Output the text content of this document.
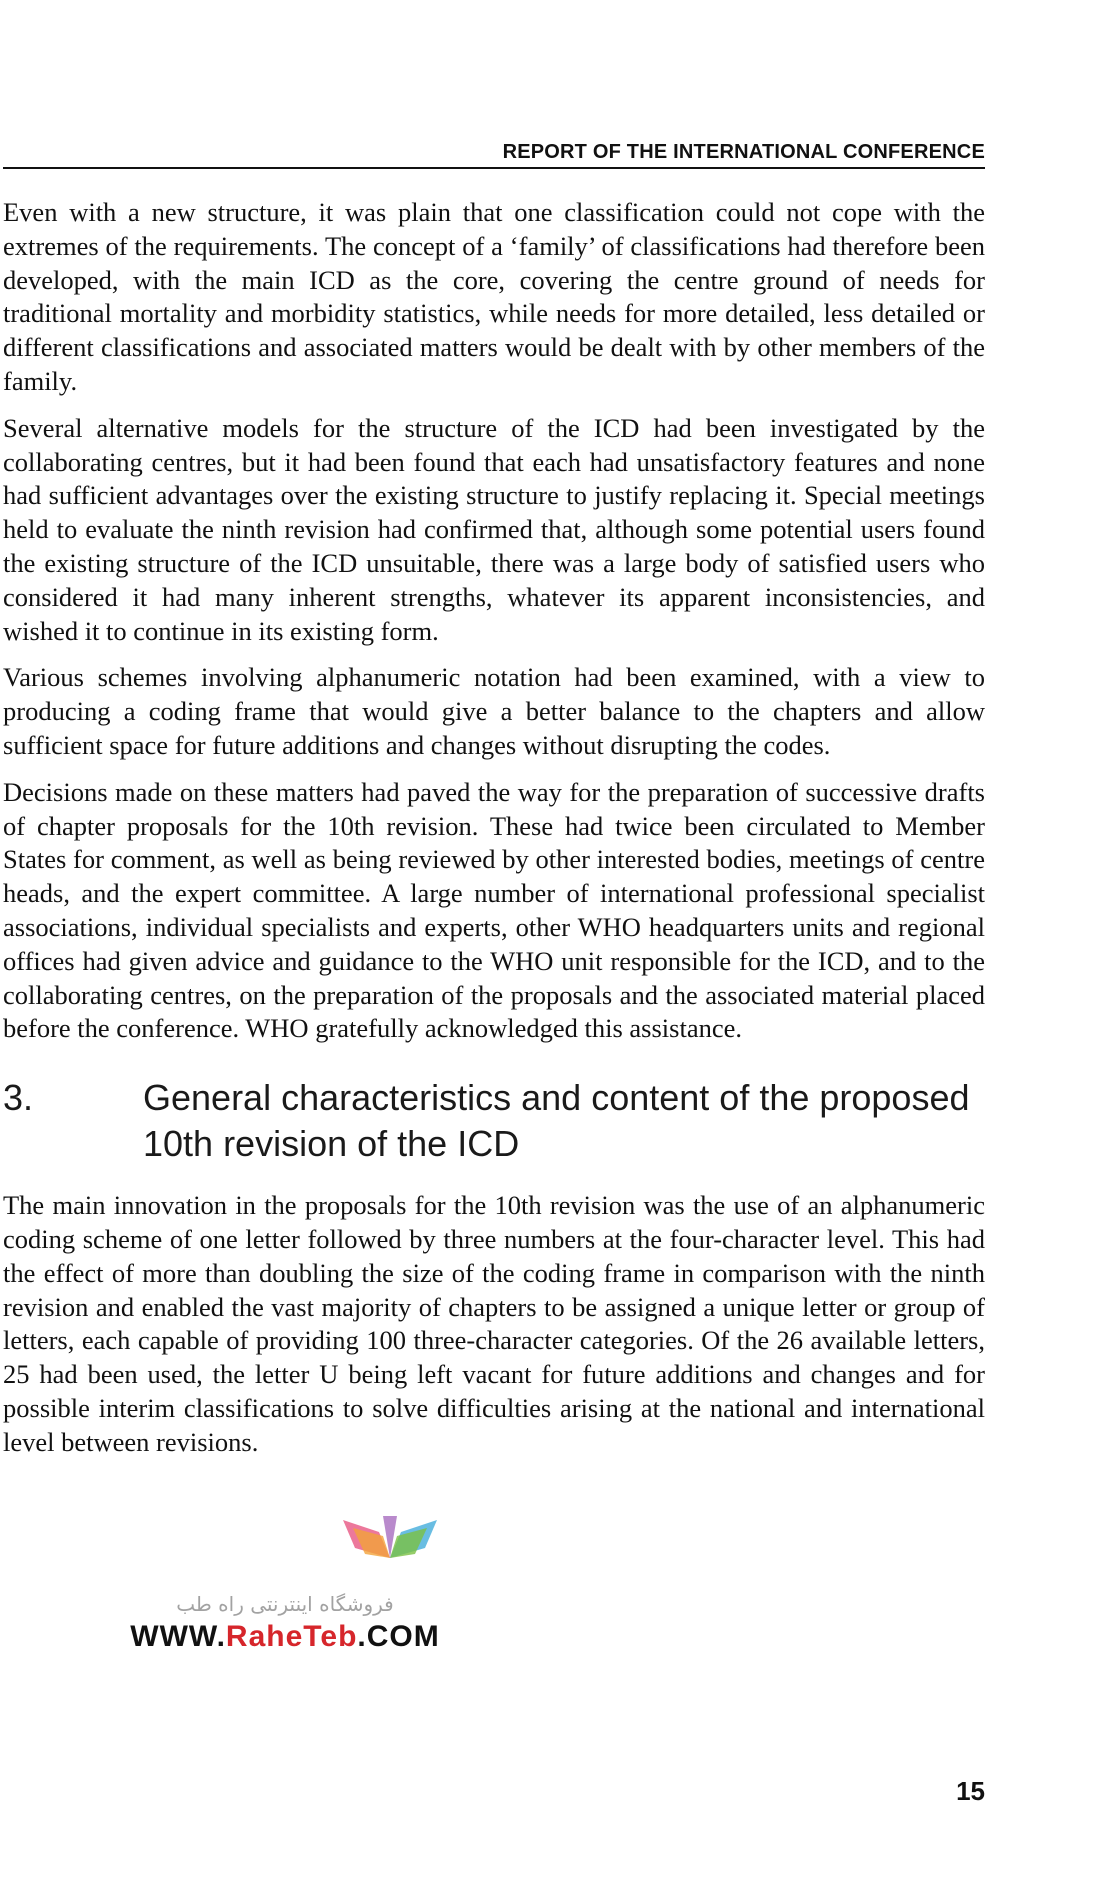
REPORT OF THE INTERNATIONAL CONFERENCE

Even with a new structure, it was plain that one classification could not cope with the extremes of the requirements. The concept of a ‘family’ of classifications had therefore been developed, with the main ICD as the core, covering the centre ground of needs for traditional mortality and morbidity statistics, while needs for more detailed, less detailed or different classifications and associated matters would be dealt with by other members of the family.

Several alternative models for the structure of the ICD had been investigated by the collaborating centres, but it had been found that each had unsatisfactory features and none had sufficient advantages over the existing structure to justify replacing it. Special meetings held to evaluate the ninth revision had confirmed that, although some potential users found the existing structure of the ICD unsuitable, there was a large body of satisfied users who considered it had many inherent strengths, whatever its apparent inconsistencies, and wished it to continue in its existing form.

Various schemes involving alphanumeric notation had been examined, with a view to producing a coding frame that would give a better balance to the chapters and allow sufficient space for future additions and changes without disrupting the codes.

Decisions made on these matters had paved the way for the preparation of successive drafts of chapter proposals for the 10th revision. These had twice been circulated to Member States for comment, as well as being reviewed by other interested bodies, meetings of centre heads, and the expert committee. A large number of international professional specialist associations, individual specialists and experts, other WHO headquarters units and regional offices had given advice and guidance to the WHO unit responsible for the ICD, and to the collaborating centres, on the preparation of the proposals and the associated material placed before the conference. WHO gratefully acknowledged this assistance.

3.	General characteristics and content of the proposed 10th revision of the ICD

The main innovation in the proposals for the 10th revision was the use of an alphanumeric coding scheme of one letter followed by three numbers at the four-character level. This had the effect of more than doubling the size of the coding frame in comparison with the ninth revision and enabled the vast majority of chapters to be assigned a unique letter or group of letters, each capable of providing 100 three-character categories. Of the 26 available letters, 25 had been used, the letter U being left vacant for future additions and changes and for possible interim classifications to solve difficulties arising at the national and international level between revisions.

فروشگاه اینترنتی راه طب
WWW.RaheTeb.COM
15
